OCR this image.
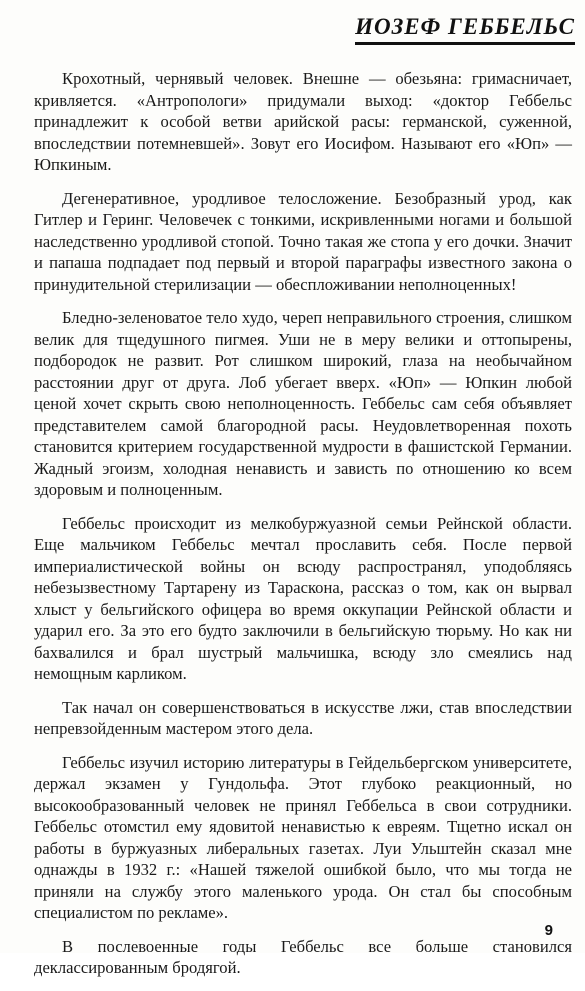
ИОЗЕФ ГЕББЕЛЬС

Крохотный, чернявый человек. Внешне — обезьяна: гримасничает, кривляется. «Антропологи» придумали выход: «доктор Геббельс принадлежит к особой ветви арийской расы: германской, суженной, впоследствии потемневшей». Зовут его Иосифом. Называют его «Юп» — Юпкиным.

Дегенеративное, уродливое телосложение. Безобразный урод, как Гитлер и Геринг. Человечек с тонкими, искривленными ногами и большой наследственно уродливой стопой. Точно такая же стопа у его дочки. Значит и папаша подпадает под первый и второй параграфы известного закона о принудительной стерилизации — обеспложивании неполноценных!

Бледно-зеленоватое тело худо, череп неправильного строения, слишком велик для тщедушного пигмея. Уши не в меру велики и оттопырены, подбородок не развит. Рот слишком широкий, глаза на необычайном расстоянии друг от друга. Лоб убегает вверх. «Юп» — Юпкин любой ценой хочет скрыть свою неполноценность. Геббельс сам себя объявляет представителем самой благородной расы. Неудовлетворенная похоть становится критерием государственной мудрости в фашистской Германии. Жадный эгоизм, холодная ненависть и зависть по отношению ко всем здоровым и полноценным.

Геббельс происходит из мелкобуржуазной семьи Рейнской области. Еще мальчиком Геббельс мечтал прославить себя. После первой империалистической войны он всюду распространял, уподобляясь небезызвестному Тартарену из Тараскона, рассказ о том, как он вырвал хлыст у бельгийского офицера во время оккупации Рейнской области и ударил его. За это его будто заключили в бельгийскую тюрьму. Но как ни бахвалился и брал шустрый мальчишка, всюду зло смеялись над немощным карликом.

Так начал он совершенствоваться в искусстве лжи, став впоследствии непревзойденным мастером этого дела.

Геббельс изучил историю литературы в Гейдельбергском университете, держал экзамен у Гундольфа. Этот глубоко реакционный, но высокообразованный человек не принял Геббельса в свои сотрудники. Геббельс отомстил ему ядовитой ненавистью к евреям. Тщетно искал он работы в буржуазных либеральных газетах. Луи Ульштейн сказал мне однажды в 1932 г.: «Нашей тяжелой ошибкой было, что мы тогда не приняли на службу этого маленького урода. Он стал бы способным специалистом по рекламе».

В послевоенные годы Геббельс все больше становился деклассированным бродягой.

9
